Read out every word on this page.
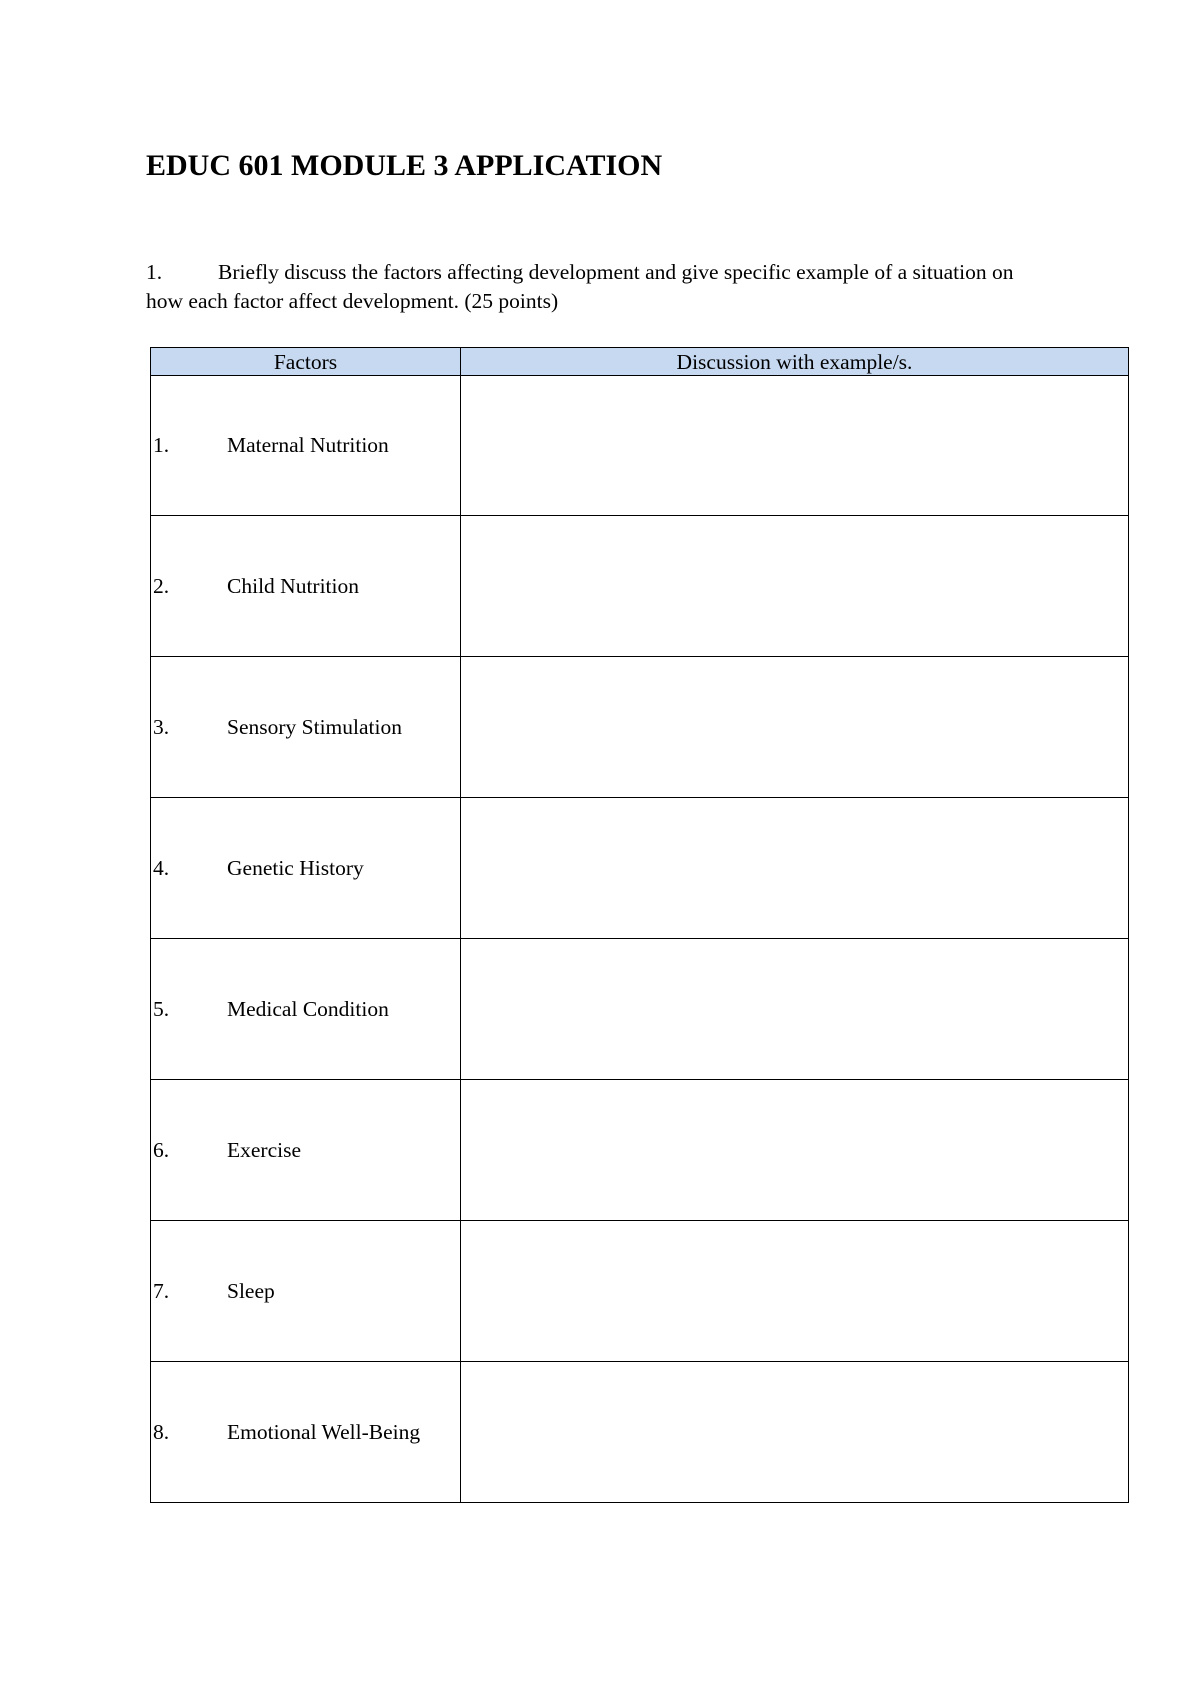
EDUC 601 MODULE 3 APPLICATION
1.	Briefly discuss the factors affecting development and give specific example of a situation on
how each factor affect development. (25 points)
Factors	Discussion with example/s.
1. Maternal Nutrition	
2. Child Nutrition	
3. Sensory Stimulation	
4. Genetic History	
5. Medical Condition	
6. Exercise	
7. Sleep	
8. Emotional Well-Being	
